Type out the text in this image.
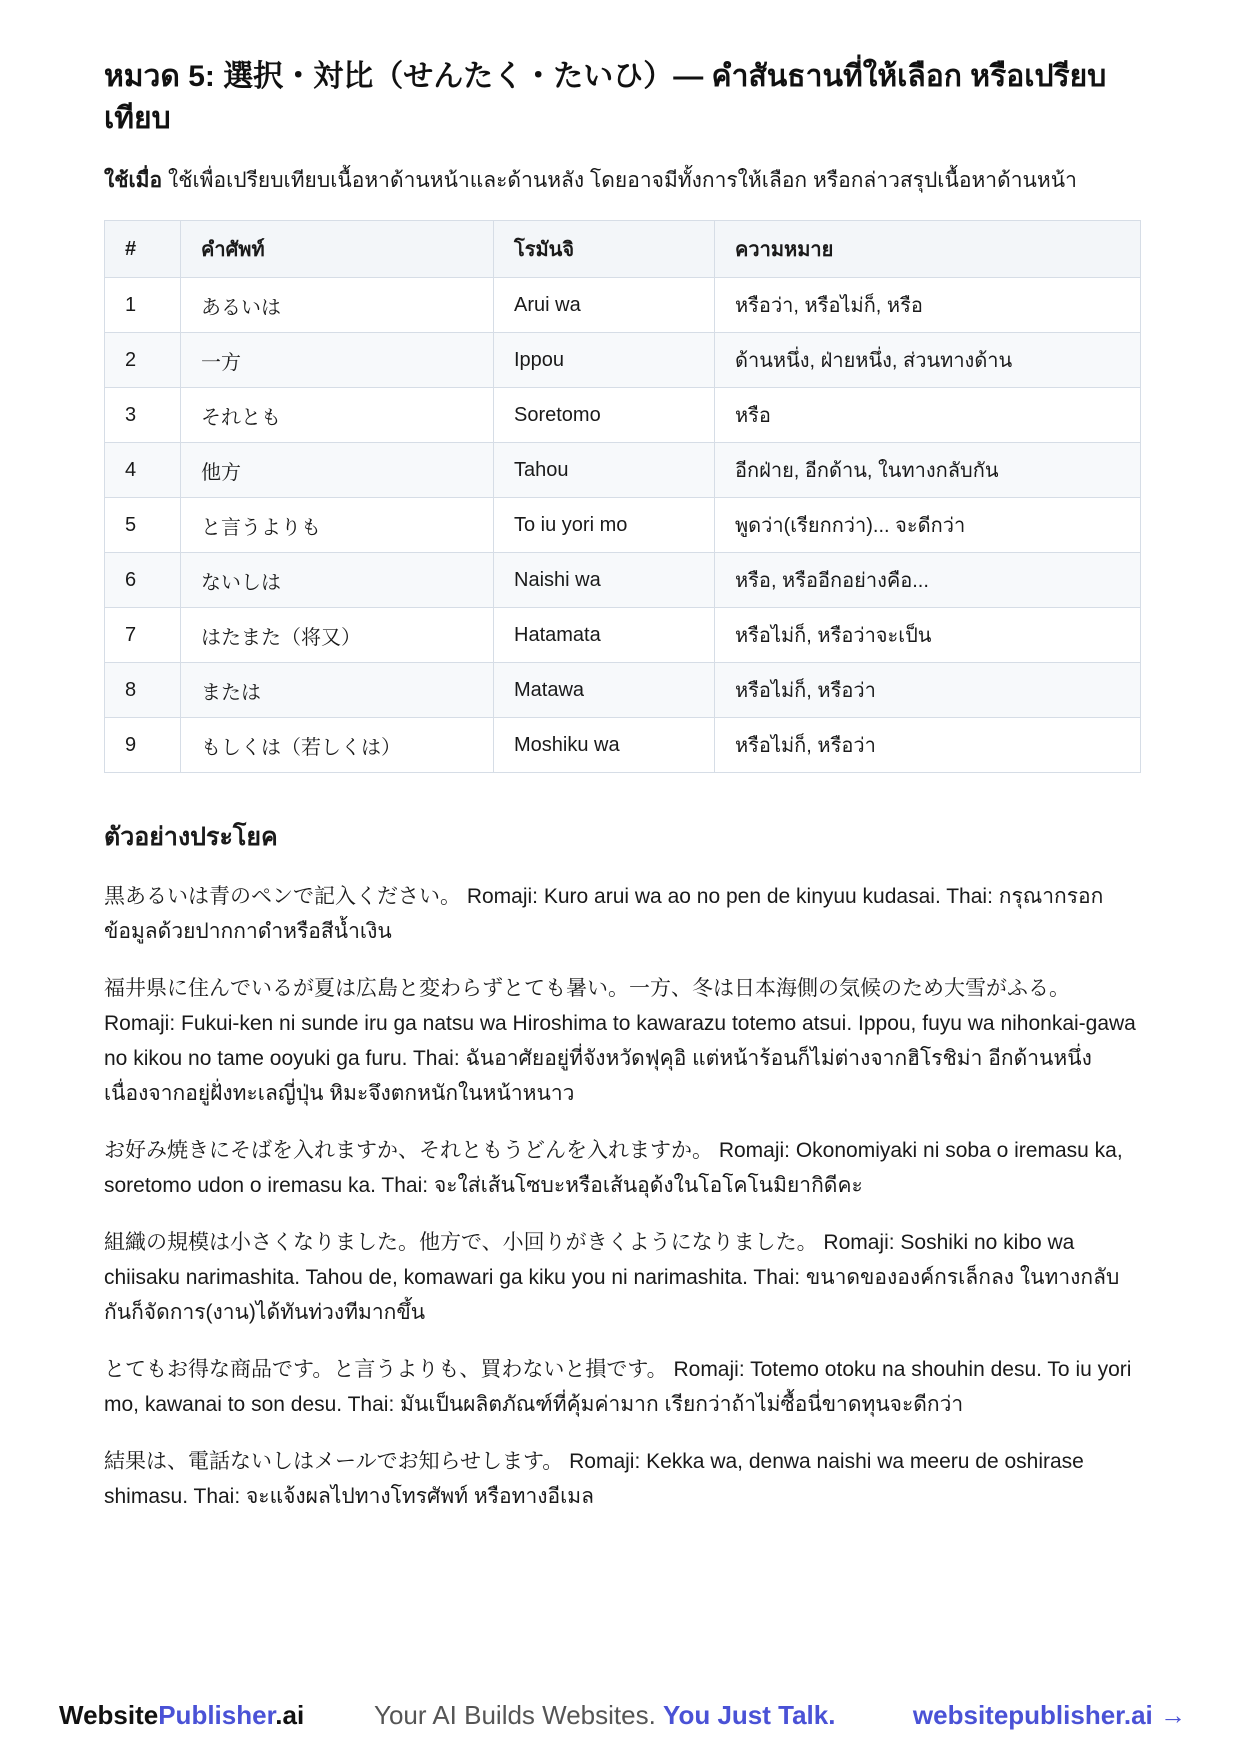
หมวด 5: 選択・対比（せんたく・たいひ）— คำสันธานที่ให้เลือก หรือเปรียบเทียบ

ใช้เมื่อ ใช้เพื่อเปรียบเทียบเนื้อหาด้านหน้าและด้านหลัง โดยอาจมีทั้งการให้เลือก หรือกล่าวสรุปเนื้อหาด้านหน้า

#	คำศัพท์	โรมันจิ	ความหมาย
1	あるいは	Arui wa	หรือว่า, หรือไม่ก็, หรือ
2	一方	Ippou	ด้านหนึ่ง, ฝ่ายหนึ่ง, ส่วนทางด้าน
3	それとも	Soretomo	หรือ
4	他方	Tahou	อีกฝ่าย, อีกด้าน, ในทางกลับกัน
5	と言うよりも	To iu yori mo	พูดว่า(เรียกกว่า)... จะดีกว่า
6	ないしは	Naishi wa	หรือ, หรืออีกอย่างคือ...
7	はたまた（将又）	Hatamata	หรือไม่ก็, หรือว่าจะเป็น
8	または	Matawa	หรือไม่ก็, หรือว่า
9	もしくは（若しくは）	Moshiku wa	หรือไม่ก็, หรือว่า
ตัวอย่างประโยค

黒あるいは青のペンで記入ください。 Romaji: Kuro arui wa ao no pen de kinyuu kudasai. Thai: กรุณากรอกข้อมูลด้วยปากกาดำหรือสีน้ำเงิน

福井県に住んでいるが夏は広島と変わらずとても暑い。一方、冬は日本海側の気候のため大雪がふる。 Romaji: Fukui-ken ni sunde iru ga natsu wa Hiroshima to kawarazu totemo atsui. Ippou, fuyu wa nihonkai-gawa no kikou no tame ooyuki ga furu. Thai: ฉันอาศัยอยู่ที่จังหวัดฟุคุอิ แต่หน้าร้อนก็ไม่ต่างจากฮิโรชิม่า อีกด้านหนึ่งเนื่องจากอยู่ฝั่งทะเลญี่ปุ่น หิมะจึงตกหนักในหน้าหนาว

お好み焼きにそばを入れますか、それともうどんを入れますか。 Romaji: Okonomiyaki ni soba o iremasu ka, soretomo udon o iremasu ka. Thai: จะใส่เส้นโซบะหรือเส้นอุด้งในโอโคโนมิยากิดีคะ

組織の規模は小さくなりました。他方で、小回りがきくようになりました。 Romaji: Soshiki no kibo wa chiisaku narimashita. Tahou de, komawari ga kiku you ni narimashita. Thai: ขนาดขององค์กรเล็กลง ในทางกลับกันก็จัดการ(งาน)ได้ทันท่วงทีมากขึ้น

とてもお得な商品です。と言うよりも、買わないと損です。 Romaji: Totemo otoku na shouhin desu. To iu yori mo, kawanai to son desu. Thai: มันเป็นผลิตภัณฑ์ที่คุ้มค่ามาก เรียกว่าถ้าไม่ซื้อนี่ขาดทุนจะดีกว่า

結果は、電話ないしはメールでお知らせします。 Romaji: Kekka wa, denwa naishi wa meeru de oshirase shimasu. Thai: จะแจ้งผลไปทางโทรศัพท์ หรือทางอีเมล

WebsitePublisher.ai	Your AI Builds Websites. You Just Talk.	websitepublisher.ai →
